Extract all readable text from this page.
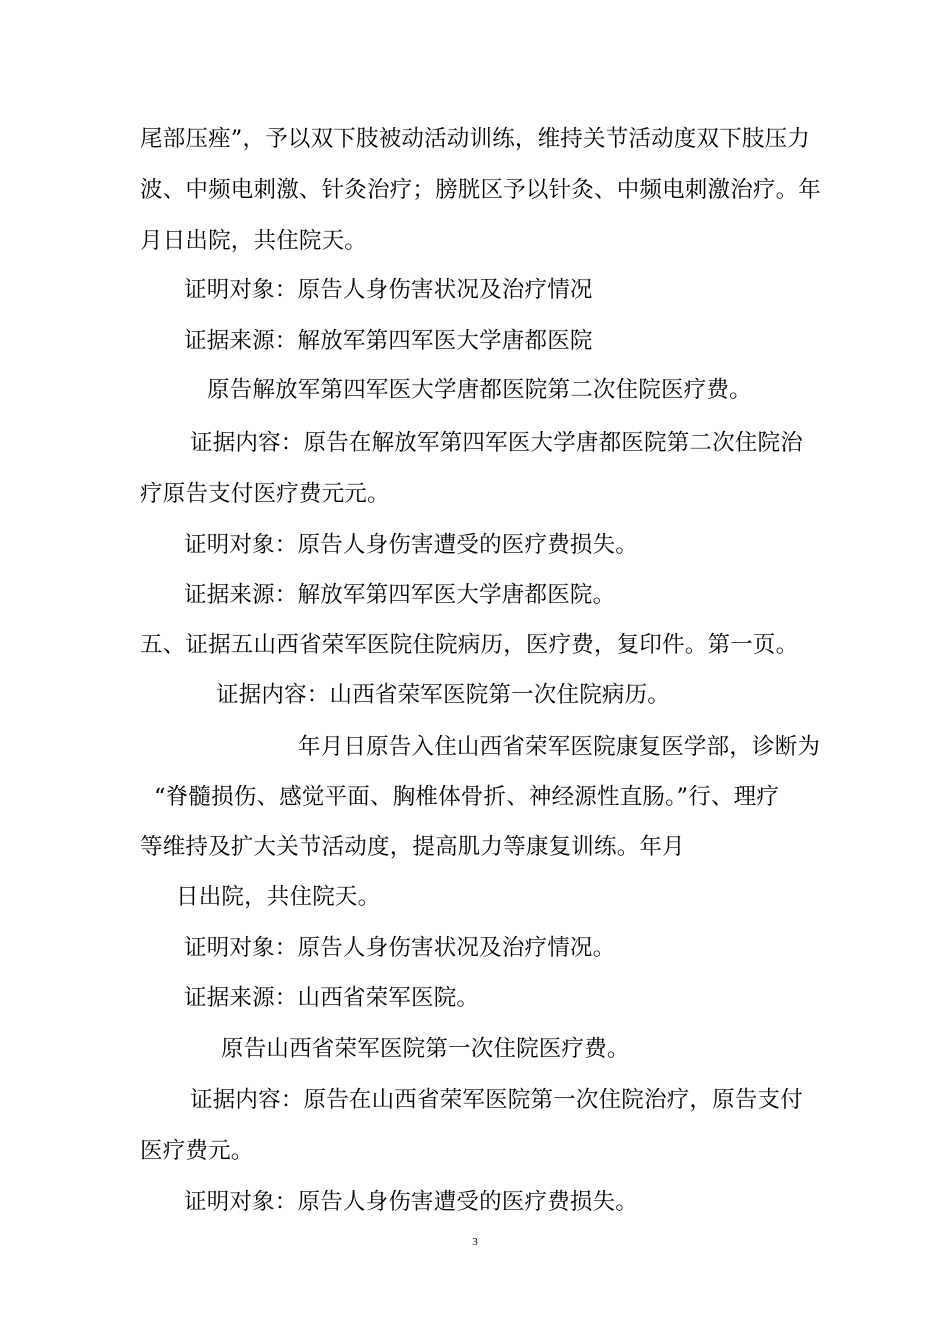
尾部压痤”，予以双下肢被动活动训练，维持关节活动度双下肢压力
波、中频电刺激、针灸治疗；膀胱区予以针灸、中频电刺激治疗。年
月日出院，共住院天。
证明对象：原告人身伤害状况及治疗情况
证据来源：解放军第四军医大学唐都医院
原告解放军第四军医大学唐都医院第二次住院医疗费。
证据内容：原告在解放军第四军医大学唐都医院第二次住院治
疗原告支付医疗费元元。
证明对象：原告人身伤害遭受的医疗费损失。
证据来源：解放军第四军医大学唐都医院。
五、证据五山西省荣军医院住院病历，医疗费，复印件。第一页。
证据内容：山西省荣军医院第一次住院病历。
年月日原告入住山西省荣军医院康复医学部，诊断为
“脊髓损伤、感觉平面、胸椎体骨折、神经源性直肠。”行、理疗
等维持及扩大关节活动度，提高肌力等康复训练。年月
日出院，共住院天。
证明对象：原告人身伤害状况及治疗情况。
证据来源：山西省荣军医院。
原告山西省荣军医院第一次住院医疗费。
证据内容：原告在山西省荣军医院第一次住院治疗，原告支付
医疗费元。
证明对象：原告人身伤害遭受的医疗费损失。
3
